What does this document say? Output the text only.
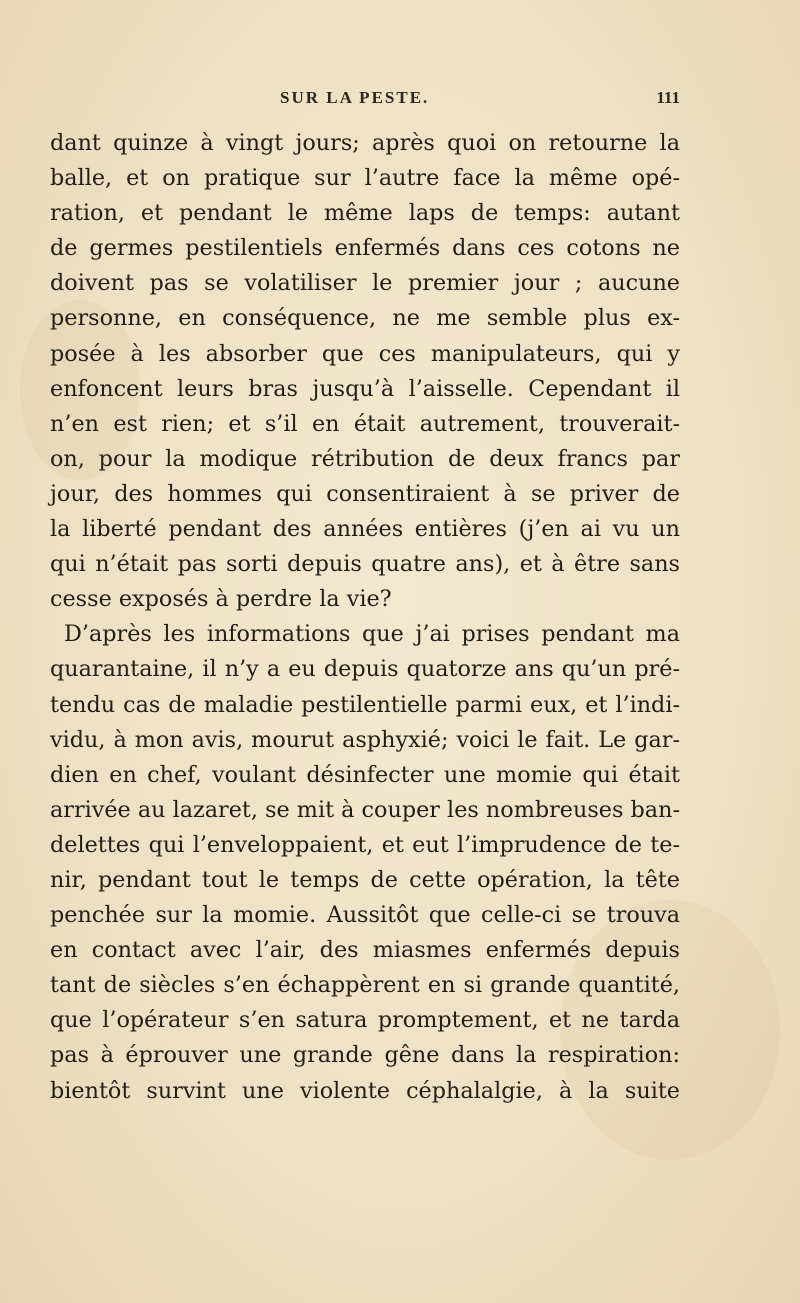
SUR LA PESTE.	111
dant quinze à vingt jours; après quoi on retourne la
balle, et on pratique sur l’autre face la même opé-
ration, et pendant le même laps de temps: autant
de germes pestilentiels enfermés dans ces cotons ne
doivent pas se volatiliser le premier jour ; aucune
personne, en conséquence, ne me semble plus ex-
posée à les absorber que ces manipulateurs, qui y
enfoncent leurs bras jusqu’à l’aisselle. Cependant il
n’en est rien; et s’il en était autrement, trouverait-
on, pour la modique rétribution de deux francs par
jour, des hommes qui consentiraient à se priver de
la liberté pendant des années entières (j’en ai vu un
qui n’était pas sorti depuis quatre ans), et à être sans
cesse exposés à perdre la vie?
D’après les informations que j’ai prises pendant ma
quarantaine, il n’y a eu depuis quatorze ans qu’un pré-
tendu cas de maladie pestilentielle parmi eux, et l’indi-
vidu, à mon avis, mourut asphyxié; voici le fait. Le gar-
dien en chef, voulant désinfecter une momie qui était
arrivée au lazaret, se mit à couper les nombreuses ban-
delettes qui l’enveloppaient, et eut l’imprudence de te-
nir, pendant tout le temps de cette opération, la tête
penchée sur la momie. Aussitôt que celle-ci se trouva
en contact avec l’air, des miasmes enfermés depuis
tant de siècles s’en échappèrent en si grande quantité,
que l’opérateur s’en satura promptement, et ne tarda
pas à éprouver une grande gêne dans la respiration:
bientôt survint une violente céphalalgie, à la suite
